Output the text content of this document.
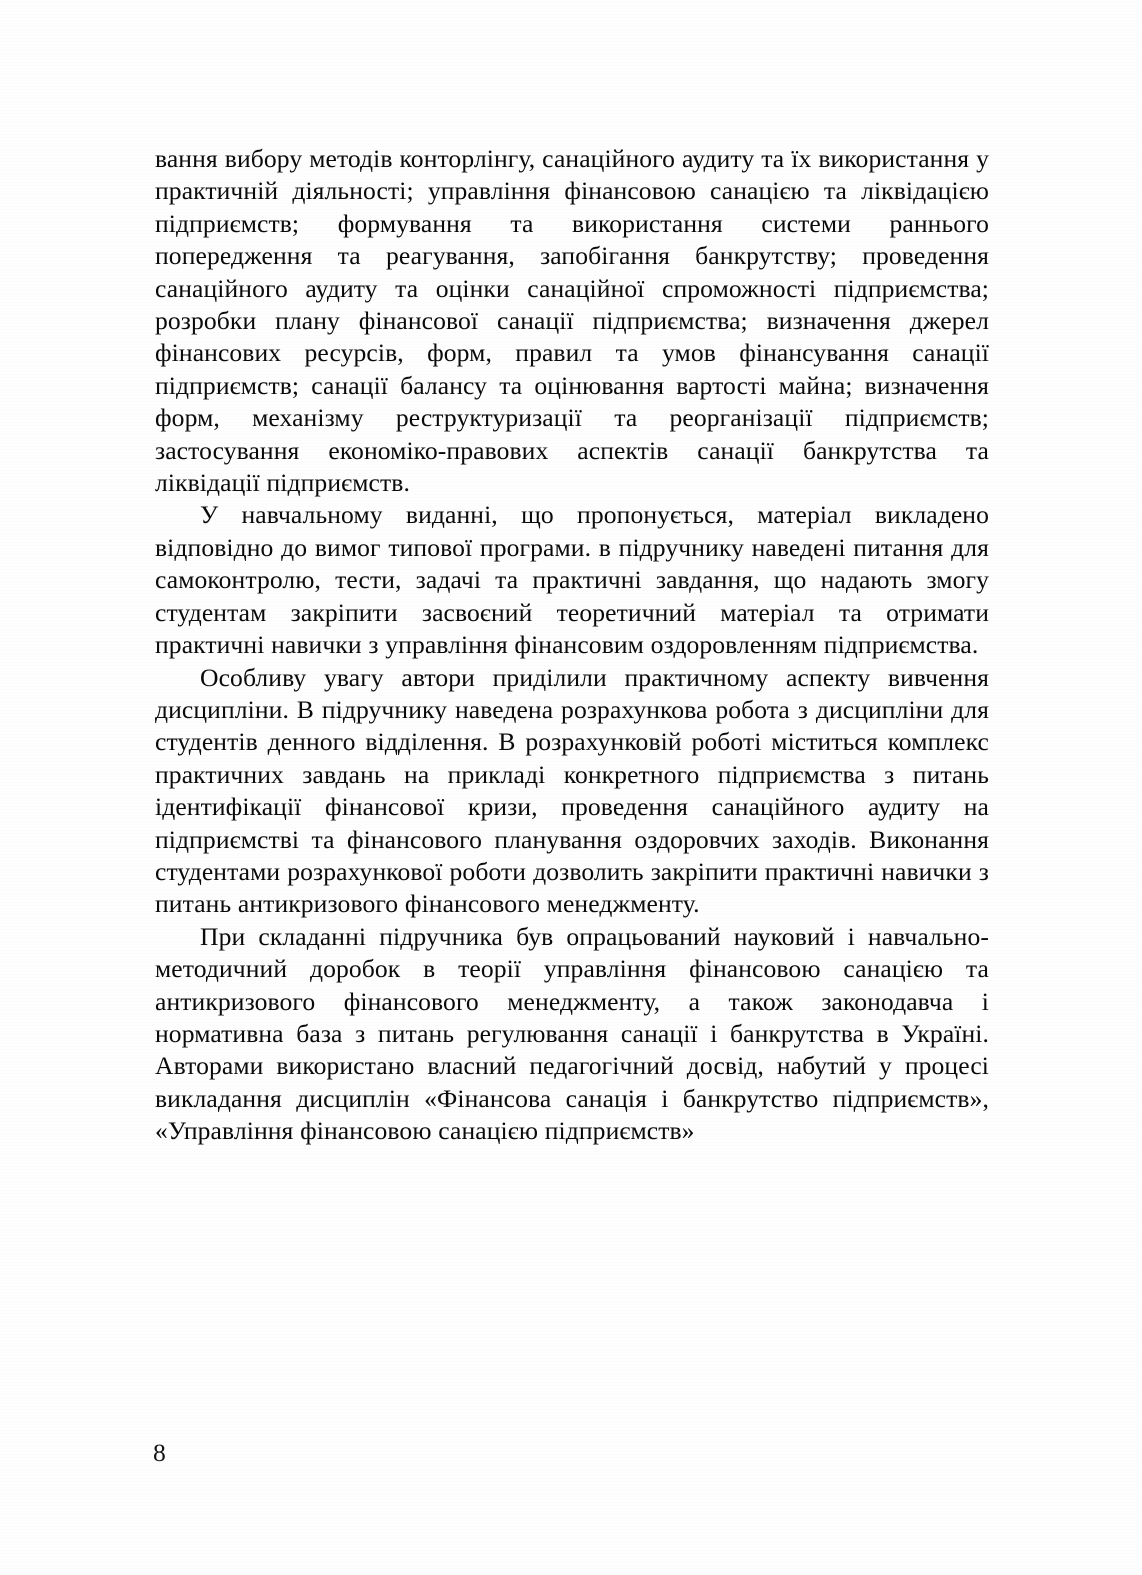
вання вибору методів конторлінгу, санаційного аудиту та їх використання у практичній діяльності; управління фінансовою санацією та ліквідацією підприємств; формування та використання системи раннього попередження та реагування, запобігання банкрутству; проведення санаційного аудиту та оцінки санаційної спроможності підприємства; розробки плану фінансової санації підприємства; визначення джерел фінансових ресурсів, форм, правил та умов фінансування санації підприємств; санації балансу та оцінювання вартості майна; визначення форм, механізму реструктуризації та реорганізації підприємств; застосування економіко-правових аспектів санації банкрутства та ліквідації підприємств.

У навчальному виданні, що пропонується, матеріал викладено відповідно до вимог типової програми. в підручнику наведені питання для самоконтролю, тести, задачі та практичні завдання, що надають змогу студентам закріпити засвоєний теоретичний матеріал та отримати практичні навички з управління фінансовим оздоровленням підприємства.

Особливу увагу автори приділили практичному аспекту вивчення дисципліни. В підручнику наведена розрахункова робота з дисципліни для студентів денного відділення. В розрахунковій роботі міститься комплекс практичних завдань на прикладі конкретного підприємства з питань ідентифікації фінансової кризи, проведення санаційного аудиту на підприємстві та фінансового планування оздоровчих заходів. Виконання студентами розрахункової роботи дозволить закріпити практичні навички з питань антикризового фінансового менеджменту.

При складанні підручника був опрацьований науковий і навчально-методичний доробок в теорії управління фінансовою санацією та антикризового фінансового менеджменту, а також законодавча і нормативна база з питань регулювання санації і банкрутства в Україні. Авторами використано власний педагогічний досвід, набутий у процесі викладання дисциплін «Фінансова санація і банкрутство підприємств», «Управління фінансовою санацією підприємств»

8
